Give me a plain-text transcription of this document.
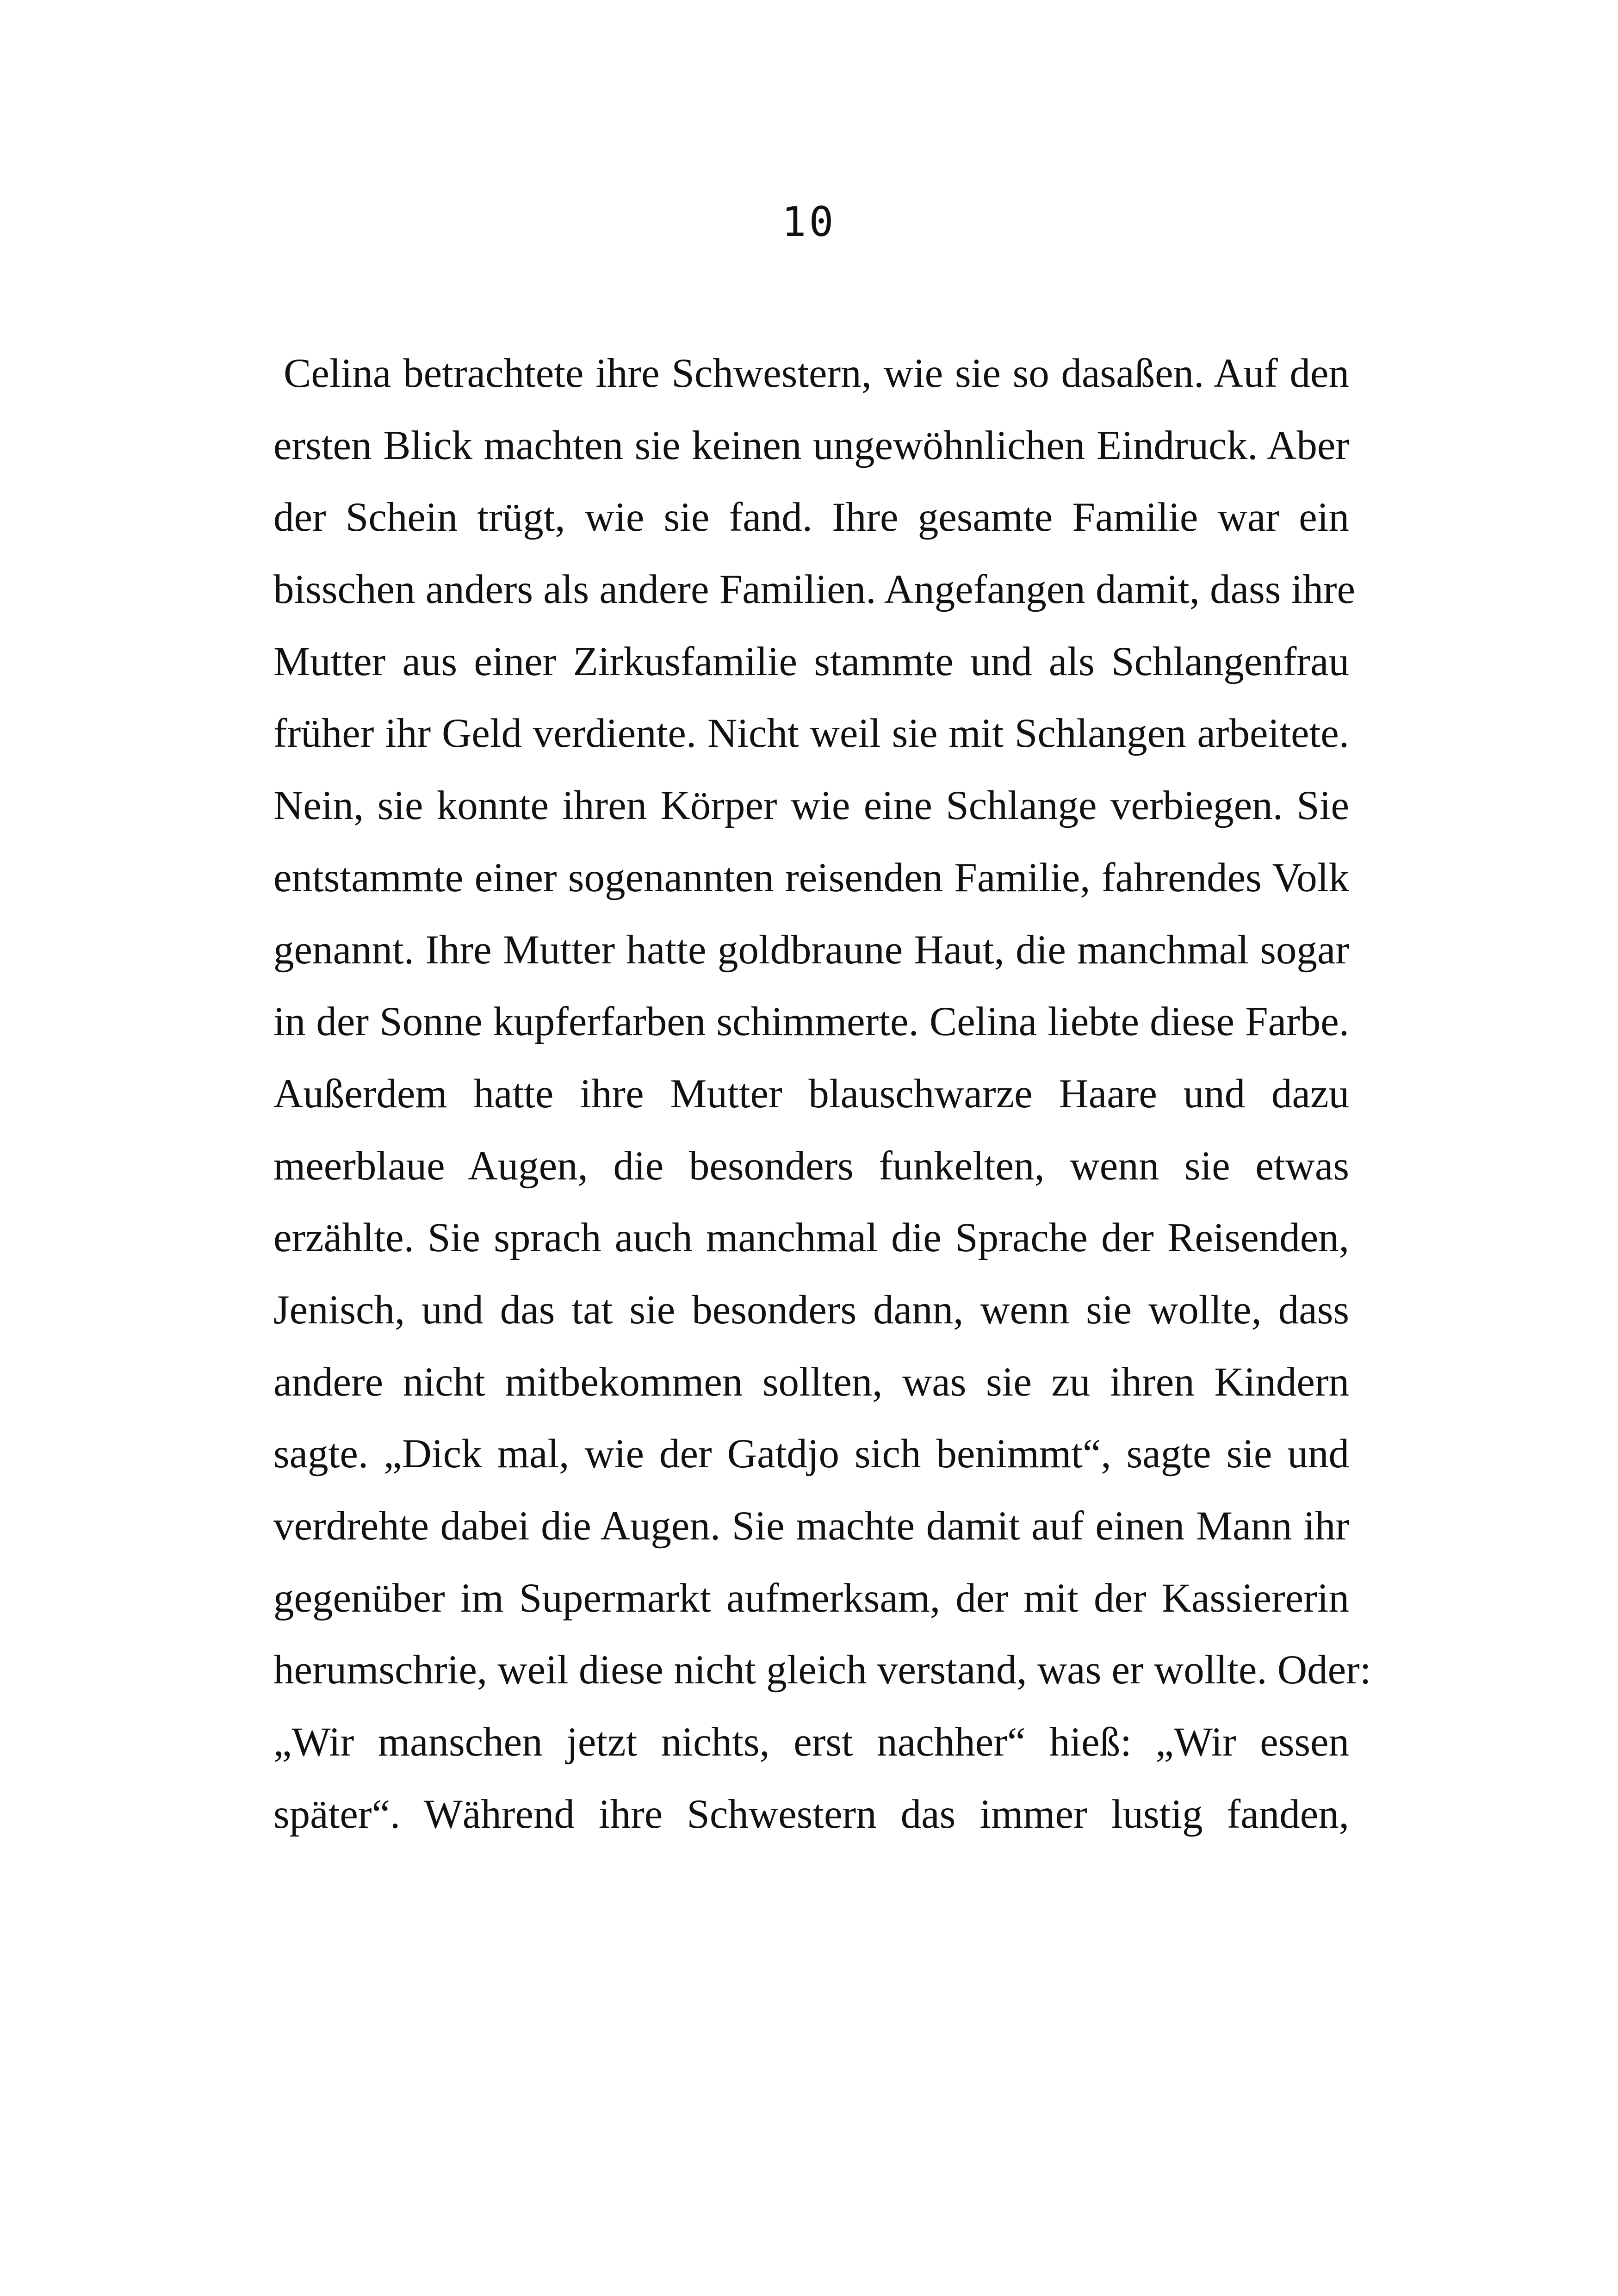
10
Celina betrachtete ihre Schwestern, wie sie so dasaßen. Auf den
ersten Blick machten sie keinen ungewöhnlichen Eindruck. Aber
der Schein trügt, wie sie fand. Ihre gesamte Familie war ein
bisschen anders als andere Familien. Angefangen damit, dass ihre
Mutter aus einer Zirkusfamilie stammte und als Schlangenfrau
früher ihr Geld verdiente. Nicht weil sie mit Schlangen arbeitete.
Nein, sie konnte ihren Körper wie eine Schlange verbiegen. Sie
entstammte einer sogenannten reisenden Familie, fahrendes Volk
genannt. Ihre Mutter hatte goldbraune Haut, die manchmal sogar
in der Sonne kupferfarben schimmerte. Celina liebte diese Farbe.
Außerdem hatte ihre Mutter blauschwarze Haare und dazu
meerblaue Augen, die besonders funkelten, wenn sie etwas
erzählte. Sie sprach auch manchmal die Sprache der Reisenden,
Jenisch, und das tat sie besonders dann, wenn sie wollte, dass
andere nicht mitbekommen sollten, was sie zu ihren Kindern
sagte. „Dick mal, wie der Gatdjo sich benimmt“, sagte sie und
verdrehte dabei die Augen. Sie machte damit auf einen Mann ihr
gegenüber im Supermarkt aufmerksam, der mit der Kassiererin
herumschrie, weil diese nicht gleich verstand, was er wollte. Oder:
„Wir manschen jetzt nichts, erst nachher“ hieß: „Wir essen
später“. Während ihre Schwestern das immer lustig fanden,
